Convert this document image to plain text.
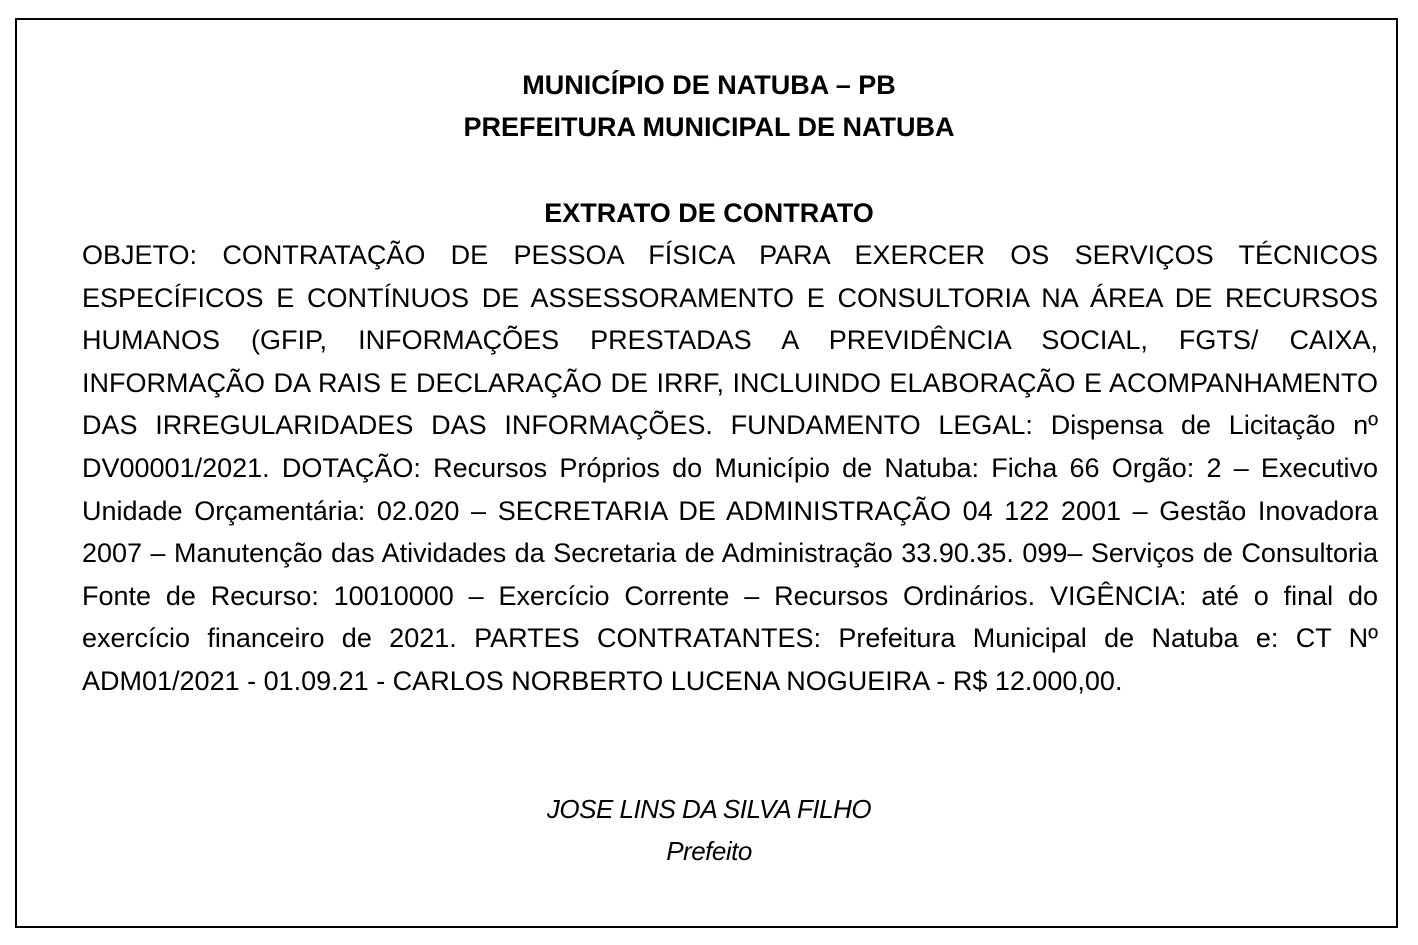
MUNICÍPIO DE NATUBA – PB
PREFEITURA MUNICIPAL DE NATUBA
EXTRATO DE CONTRATO

OBJETO: CONTRATAÇÃO DE PESSOA FÍSICA PARA EXERCER OS SERVIÇOS TÉCNICOS ESPECÍFICOS E CONTÍNUOS DE ASSESSORAMENTO E CONSULTORIA NA ÁREA DE RECURSOS HUMANOS (GFIP, INFORMAÇÕES PRESTADAS A PREVIDÊNCIA SOCIAL, FGTS/ CAIXA, INFORMAÇÃO DA RAIS E DECLARAÇÃO DE IRRF, INCLUINDO ELABORAÇÃO E ACOMPANHAMENTO DAS IRREGULARIDADES DAS INFORMAÇÕES. FUNDAMENTO LEGAL: Dispensa de Licitação nº DV00001/2021. DOTAÇÃO: Recursos Próprios do Município de Natuba: Ficha 66 Orgão: 2 – Executivo Unidade Orçamentária: 02.020 – SECRETARIA DE ADMINISTRAÇÃO 04 122 2001 – Gestão Inovadora 2007 – Manutenção das Atividades da Secretaria de Administração 33.90.35. 099– Serviços de Consultoria Fonte de Recurso: 10010000 – Exercício Corrente – Recursos Ordinários. VIGÊNCIA: até o final do exercício financeiro de 2021. PARTES CONTRATANTES: Prefeitura Municipal de Natuba e: CT Nº ADM01/2021 - 01.09.21 - CARLOS NORBERTO LUCENA NOGUEIRA - R$ 12.000,00.

JOSE LINS DA SILVA FILHO
Prefeito
